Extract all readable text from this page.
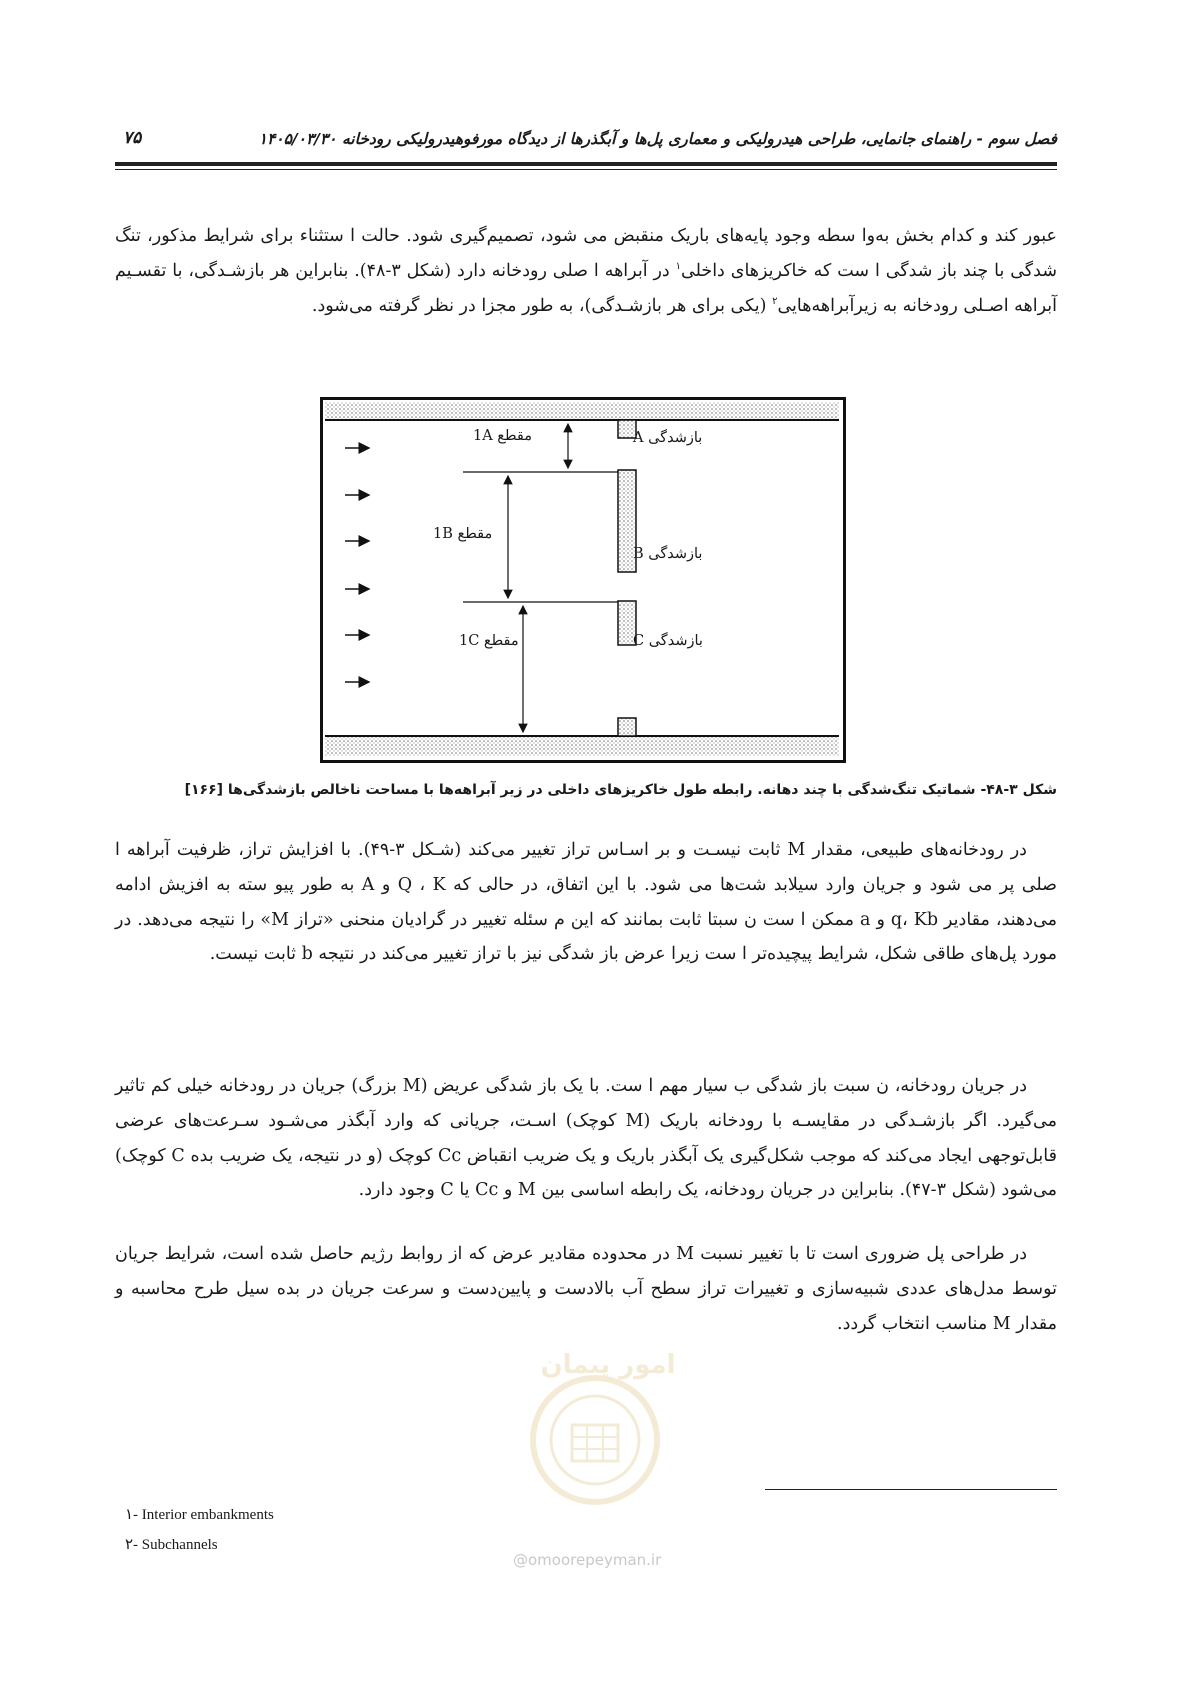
فصل سوم - راهنمای جانمایی، طراحی هیدرولیکی و معماری پل‌ها و آبگذرها از دیدگاه مورفوهیدرولیکی رودخانه ۱۴۰۵/۰۳/۳۰
۷۵
عبور کند و کدام بخش به‌وا سطه وجود پایه‌های باریک منقبض می شود، تصمیم‌گیری شود. حالت ا ستثناء برای شرایط مذکور، تنگ شدگی با چند باز شدگی ا ست که خاکریزهای داخلی$^۱$ در آبراهه ا صلی رودخانه دارد (شکل ۳-۴۸). بنابراین هر بازشـدگی، با تقسـیم آبراهه اصـلی رودخانه به زیرآبراهه‌هایی$^۲$ (یکی برای هر بازشـدگی)، به طور مجزا در نظر گرفته می‌شود.
مقطع 1A	بازشدگی A
مقطع 1B
بازشدگی B
مقطع 1C	بازشدگی C
شکل ۳-۴۸- شماتیک تنگ‌شدگی با چند دهانه. رابطه طول خاکریزهای داخلی در زیر آبراهه‌ها با مساحت ناخالص بازشدگی‌ها [۱۶۶]
در رودخانه‌های طبیعی، مقدار M ثابت نیسـت و بر اسـاس تراز تغییر می‌کند (شـکل ۳-۴۹). با افزایش تراز، ظرفیت آبراهه ا صلی پر می شود و جریان وارد سیلابد شت‌ها می شود. با این اتفاق، در حالی که Q ، K و A به طور پیو سته به افزیش ادامه می‌دهند، مقادیر q، Kb و a ممکن ا ست ن سبتا ثابت بمانند که این م سئله تغییر در گرادیان منحنی «تراز M» را نتیجه می‌دهد. در مورد پل‌های طاقی شکل، شرایط پیچیده‌تر ا ست زیرا عرض باز شدگی نیز با تراز تغییر می‌کند در نتیجه b ثابت نیست.
در جریان رودخانه، ن سبت باز شدگی ب سیار مهم ا ست. با یک باز شدگی عریض (M بزرگ) جریان در رودخانه خیلی کم تاثیر می‌گیرد. اگر بازشـدگی در مقایسـه با رودخانه باریک (M کوچک) اسـت، جریانی که وارد آبگذر می‌شـود سـرعت‌های عرضی قابل‌توجهی ایجاد می‌کند که موجب شکل‌گیری یک آبگذر باریک و یک ضریب انقباض Cc کوچک (و در نتیجه، یک ضریب بده C کوچک) می‌شود (شکل ۳-۴۷). بنابراین در جریان رودخانه، یک رابطه اساسی بین M و Cc یا C وجود دارد.
در طراحی پل ضروری است تا با تغییر نسبت M در محدوده مقادیر عرض که از روابط رژیم حاصل شده است، شرایط جریان توسط مدل‌های عددی شبیه‌سازی و تغییرات تراز سطح آب بالادست و پایین‌دست و سرعت جریان در بده سیل طرح محاسبه و مقدار M مناسب انتخاب گردد.
امور پیمان
@omoorepeyman.ir
۱- Interior embankments
۲- Subchannels
